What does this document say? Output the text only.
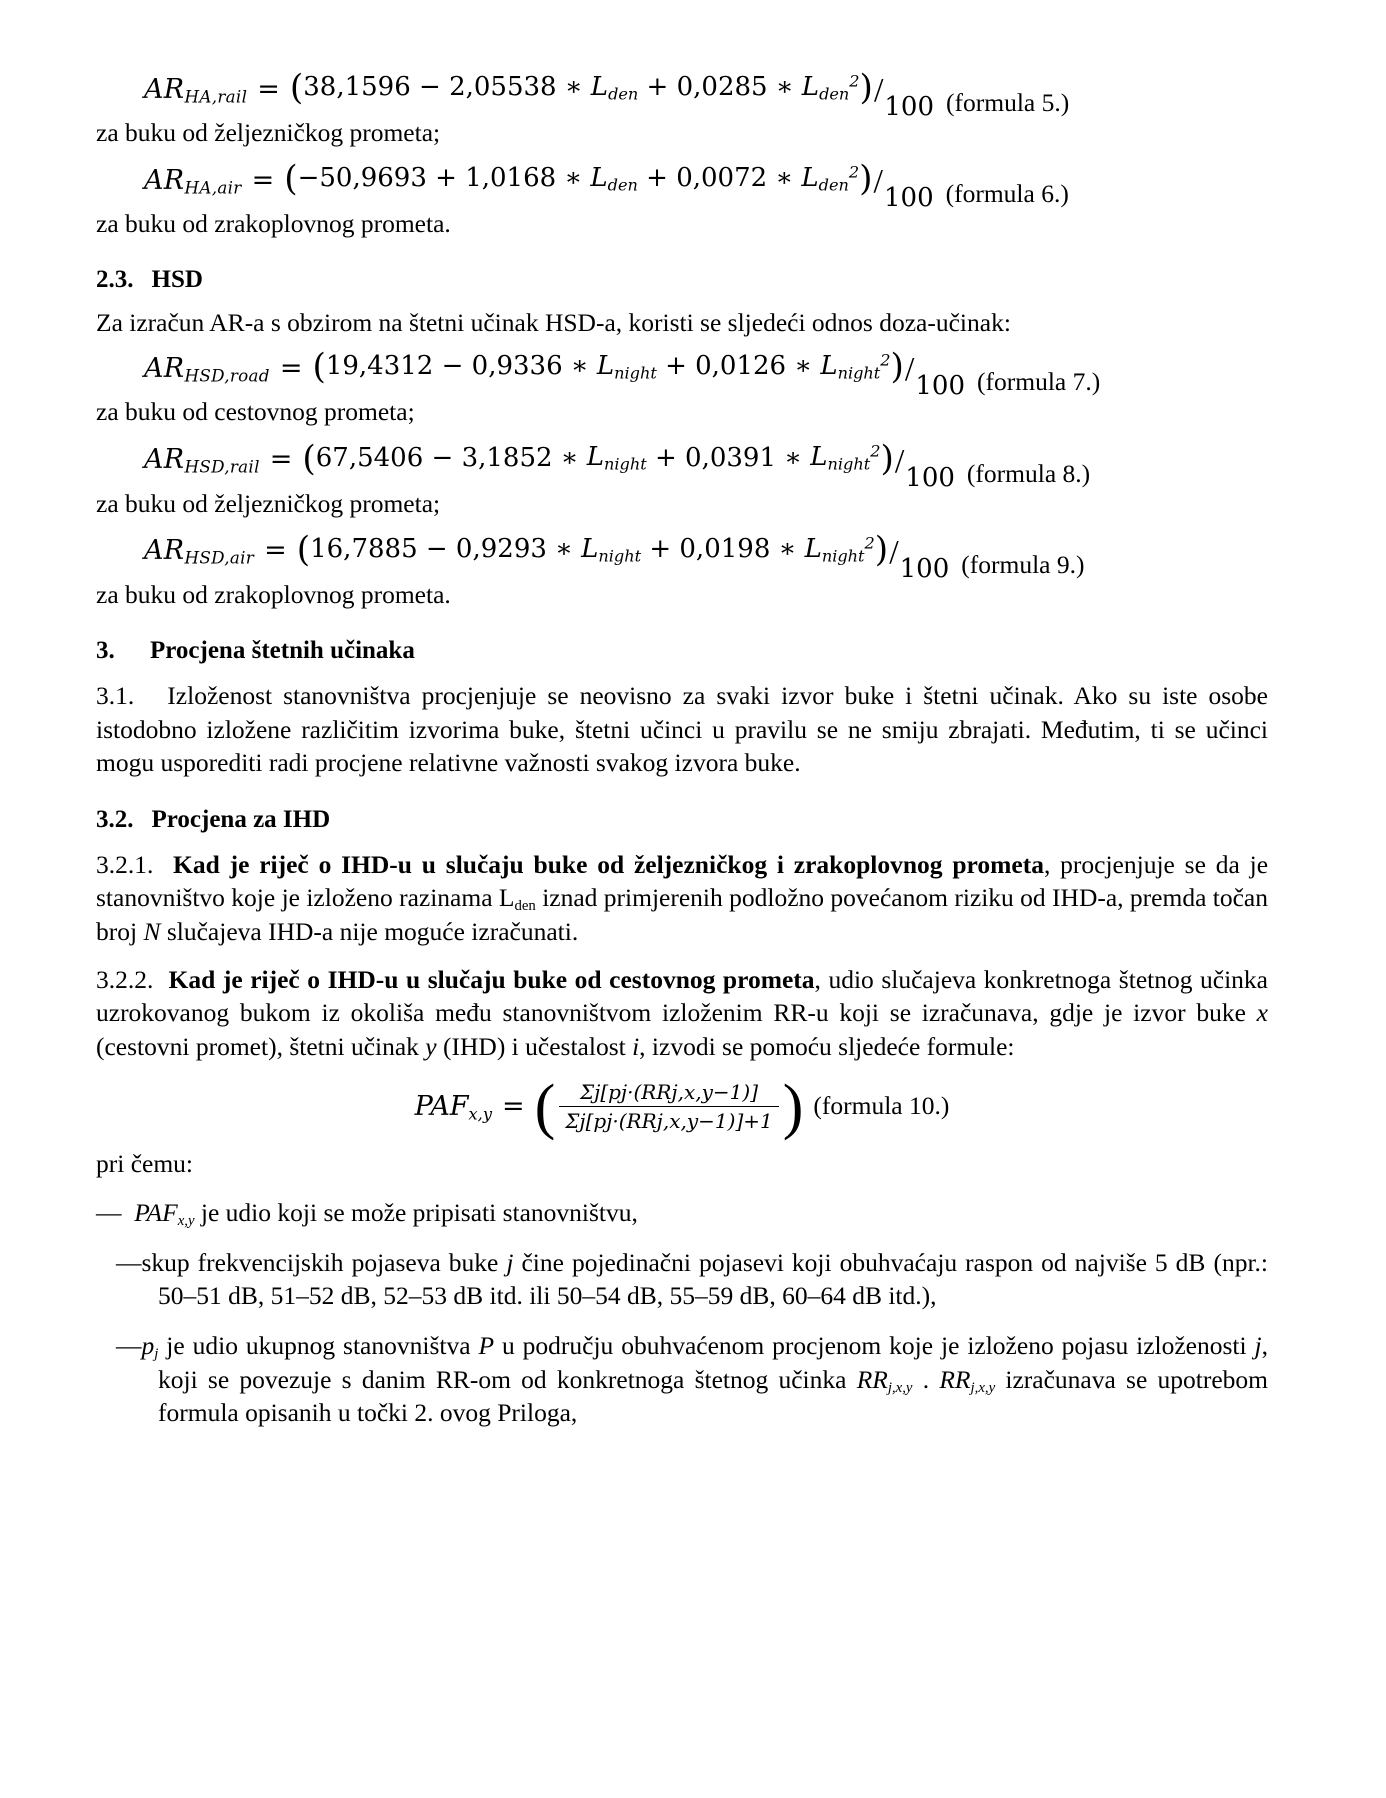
$AR_{HA,rail} = (38,1596 - 2,05538$ ∗ $L_{den} + 0,0285$ ∗ $L_{den}^2) / 100$ (formula 5.)

za buku od željezničkog prometa;

$AR_{HA,air} = (-50,9693 + 1,0168$ ∗ $L_{den} + 0,0072$ ∗ $L_{den}^2) / 100$ (formula 6.)

za buku od zrakoplovnog prometa.

2.3. HSD

Za izračun AR-a s obzirom na štetni učinak HSD-a, koristi se sljedeći odnos doza-učinak:

$AR_{HSD,road} = (19,4312 - 0,9336$ ∗ $L_{night} + 0,0126$ ∗ $L_{night}^2) / 100$ (formula 7.)

za buku od cestovnog prometa;

$AR_{HSD,rail} = (67,5406 - 3,1852$ ∗ $L_{night} + 0,0391$ ∗ $L_{night}^2) / 100$ (formula 8.)

za buku od željezničkog prometa;

$AR_{HSD,air} = (16,7885 - 0,9293$ ∗ $L_{night} + 0,0198$ ∗ $L_{night}^2) / 100$ (formula 9.)

za buku od zrakoplovnog prometa.

3.	Procjena štetnih učinaka

3.1. Izloženost stanovništva procjenjuje se neovisno za svaki izvor buke i štetni učinak. Ako su iste osobe istodobno izložene različitim izvorima buke, štetni učinci u pravilu se ne smiju zbrajati. Međutim, ti se učinci mogu usporediti radi procjene relativne važnosti svakog izvora buke.

3.2. Procjena za IHD

3.2.1. Kad je riječ o IHD-u u slučaju buke od željezničkog i zrakoplovnog prometa, procjenjuje se da je stanovništvo koje je izloženo razinama $L_{den}$ iznad primjerenih podložno povećanom riziku od IHD-a, premda točan broj N slučajeva IHD-a nije moguće izračunati.

3.2.2. Kad je riječ o IHD-u u slučaju buke od cestovnog prometa, udio slučajeva konkretnoga štetnog učinka uzrokovanog bukom iz okoliša među stanovništvom izloženim RR-u koji se izračunava, gdje je izvor buke x (cestovni promet), štetni učinak y (IHD) i učestalost i, izvodi se pomoću sljedeće formule:

$PAF_{x,y}$ = (	Σj[pj·(RRj,x,y−1)]
Σj[pj·(RRj,x,y−1)]+1 ) (formula 10.)

pri čemu:

— $PAF_{x,y}$ je udio koji se može pripisati stanovništvu,

—skup frekvencijskih pojaseva buke j čine pojedinačni pojasevi koji obuhvaćaju raspon od najviše 5 dB (npr.: 50–51 dB, 51–52 dB, 52–53 dB itd. ili 50–54 dB, 55–59 dB, 60–64 dB itd.),

$—p_j$ je udio ukupnog stanovništva P u području obuhvaćenom procjenom koje je izloženo pojasu izloženosti j, koji se povezuje s danim RR-om od konkretnoga štetnog učinka $RR_{j,x,y}$ . $RR_{j,x,y}$ izračunava se upotrebom formula opisanih u točki 2. ovog Priloga,
